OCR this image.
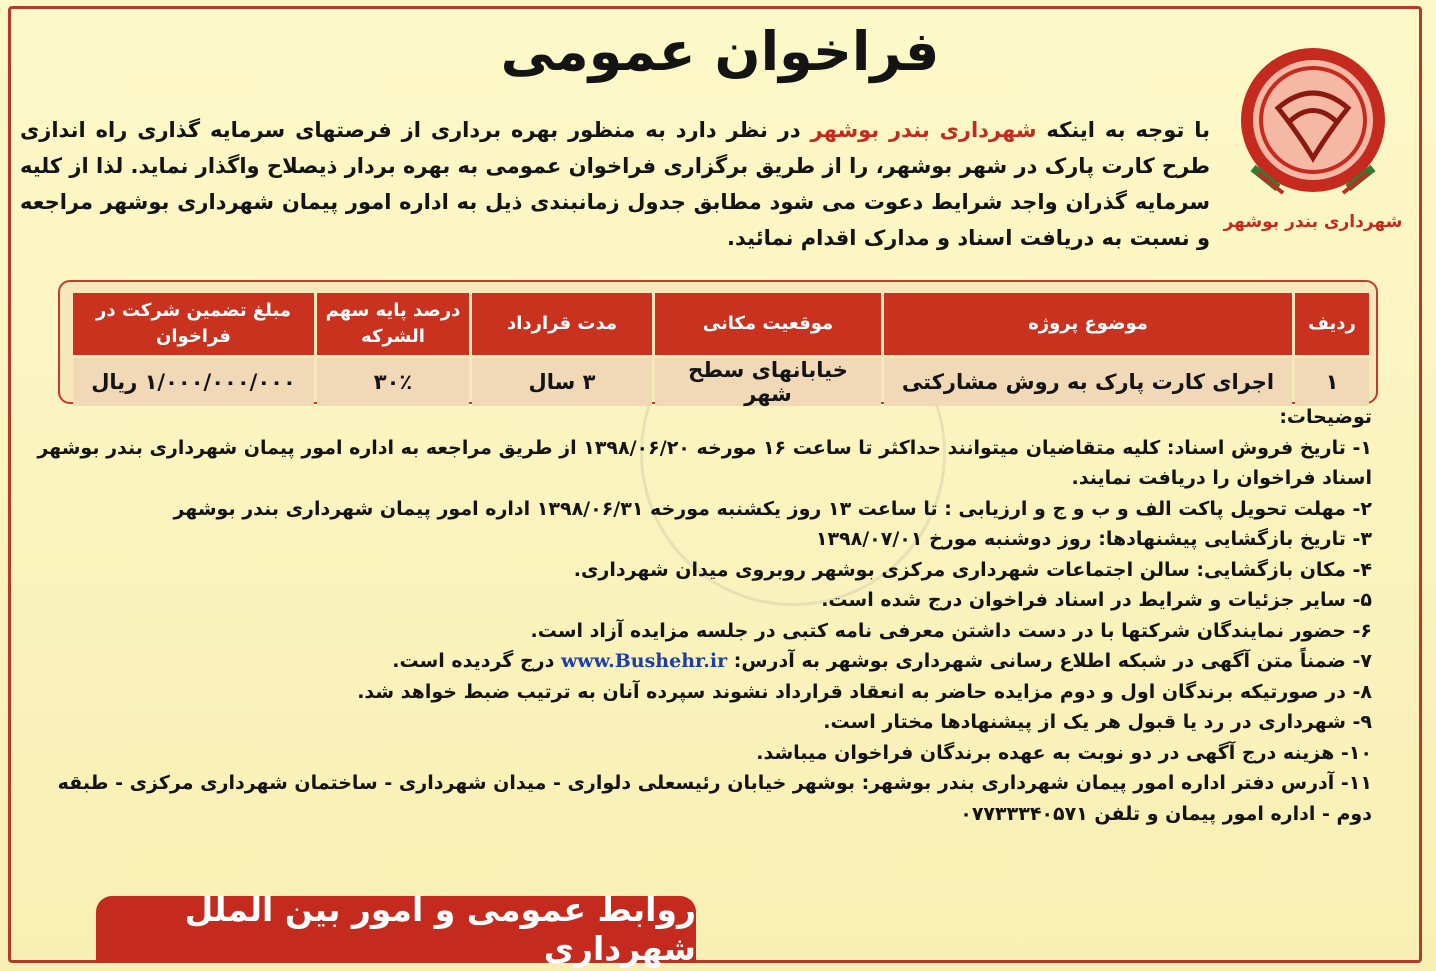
شهرداری بندر بوشهر
فراخوان عمومی
با توجه به اینکه شهرداری بندر بوشهر در نظر دارد به منظور بهره برداری از فرصتهای سرمایه گذاری راه اندازی طرح کارت پارک در شهر بوشهر، را از طریق برگزاری فراخوان عمومی به بهره بردار ذیصلاح واگذار نماید. لذا از کلیه سرمایه گذران واجد شرایط دعوت می شود مطابق جدول زمانبندی ذیل به اداره امور پیمان شهرداری بوشهر مراجعه و نسبت به دریافت اسناد و مدارک اقدام نمائید.
ردیف	موضوع پروژه	موقعیت مکانی	مدت قرارداد	درصد پایه سهم الشرکه	مبلغ تضمین شرکت در فراخوان
۱	اجرای کارت پارک به روش مشارکتی	خیابانهای سطح شهر	۳ سال	۳۰٪	۱/۰۰۰/۰۰۰/۰۰۰ ریال

توضیحات:

۱- تاریخ فروش اسناد: کلیه متقاضیان میتوانند حداکثر تا ساعت ۱۶ مورخه ۱۳۹۸/۰۶/۲۰ از طریق مراجعه به اداره امور پیمان شهرداری بندر بوشهر اسناد فراخوان را دریافت نمایند.
۲- مهلت تحویل پاکت الف و ب و ج و ارزیابی : تا ساعت ۱۳ روز یکشنبه مورخه ۱۳۹۸/۰۶/۳۱ اداره امور پیمان شهرداری بندر بوشهر
۳- تاریخ بازگشایی پیشنهادها: روز دوشنبه مورخ ۱۳۹۸/۰۷/۰۱
۴- مکان بازگشایی: سالن اجتماعات شهرداری مرکزی بوشهر روبروی میدان شهرداری.
۵- سایر جزئیات و شرایط در اسناد فراخوان درج شده است.
۶- حضور نمایندگان شرکتها با در دست داشتن معرفی نامه کتبی در جلسه مزایده آزاد است.
۷- ضمناً متن آگهی در شبکه اطلاع رسانی شهرداری بوشهر به آدرس: www.Bushehr.ir درج گردیده است.
۸- در صورتیکه برندگان اول و دوم مزایده حاضر به انعقاد قرارداد نشوند سپرده آنان به ترتیب ضبط خواهد شد.
۹- شهرداری در رد یا قبول هر یک از پیشنهادها مختار است.
۱۰- هزینه درج آگهی در دو نوبت به عهده برندگان فراخوان میباشد.
۱۱- آدرس دفتر اداره امور پیمان شهرداری بندر بوشهر: بوشهر خیابان رئیسعلی دلواری - میدان شهرداری - ساختمان شهرداری مرکزی - طبقه دوم - اداره امور پیمان و تلفن ۰۷۷۳۳۳۴۰۵۷۱
روابط عمومی و امور بین الملل شهرداری
